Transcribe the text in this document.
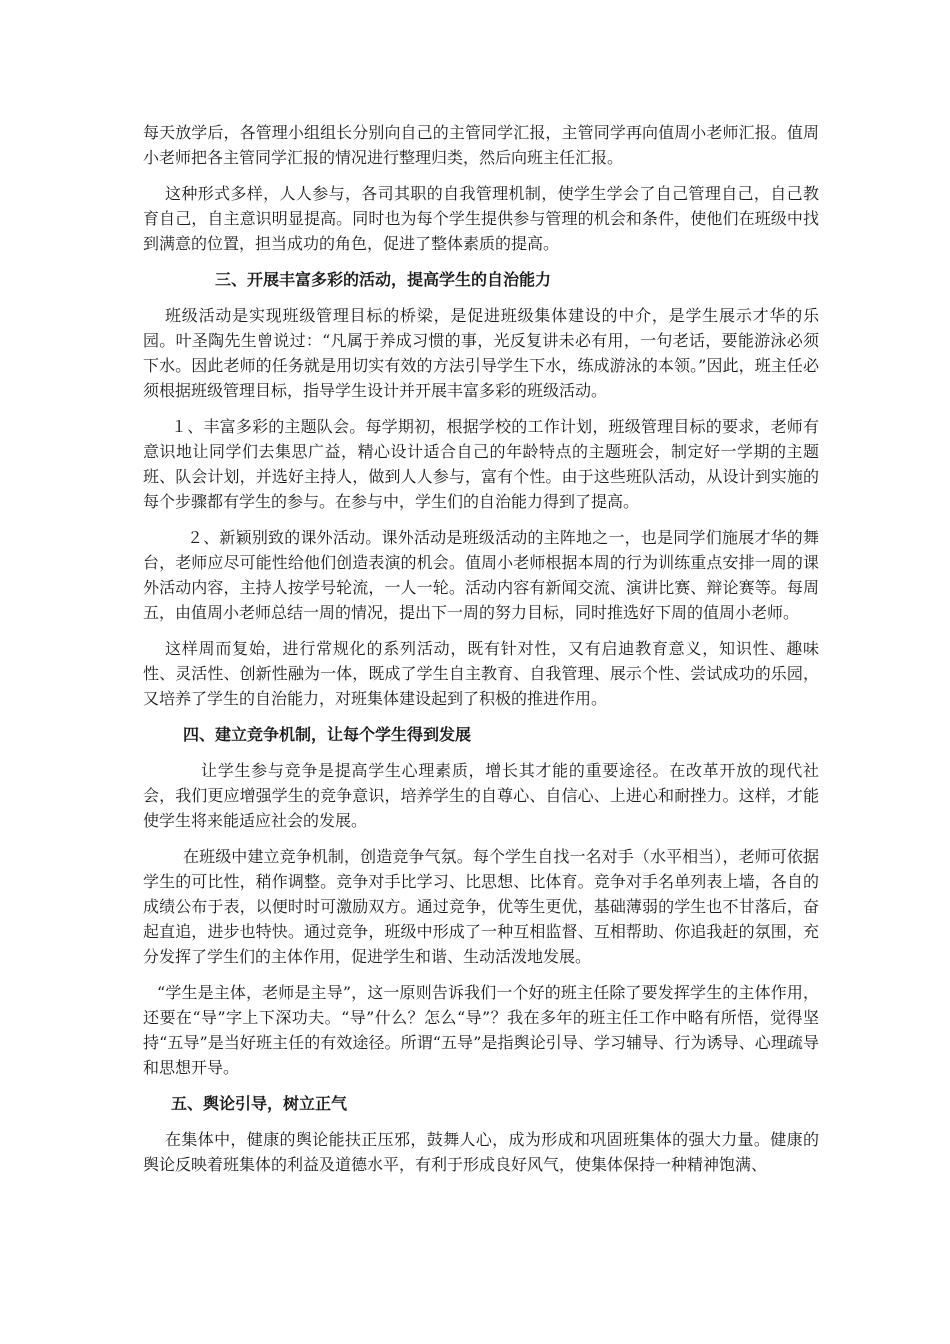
每天放学后，各管理小组组长分别向自己的主管同学汇报，主管同学再向值周小老师汇报。值周小老师把各主管同学汇报的情况进行整理归类，然后向班主任汇报。

这种形式多样，人人参与，各司其职的自我管理机制，使学生学会了自己管理自己，自己教育自己，自主意识明显提高。同时也为每个学生提供参与管理的机会和条件，使他们在班级中找到满意的位置，担当成功的角色，促进了整体素质的提高。

三、开展丰富多彩的活动，提高学生的自治能力

班级活动是实现班级管理目标的桥梁，是促进班级集体建设的中介，是学生展示才华的乐园。叶圣陶先生曾说过：“凡属于养成习惯的事，光反复讲未必有用，一句老话，要能游泳必须下水。因此老师的任务就是用切实有效的方法引导学生下水，练成游泳的本领。”因此，班主任必须根据班级管理目标，指导学生设计并开展丰富多彩的班级活动。

１、丰富多彩的主题队会。每学期初，根据学校的工作计划，班级管理目标的要求，老师有意识地让同学们去集思广益，精心设计适合自己的年龄特点的主题班会，制定好一学期的主题班、队会计划，并选好主持人，做到人人参与，富有个性。由于这些班队活动，从设计到实施的每个步骤都有学生的参与。在参与中，学生们的自治能力得到了提高。

２、新颖别致的课外活动。课外活动是班级活动的主阵地之一，也是同学们施展才华的舞台，老师应尽可能性给他们创造表演的机会。值周小老师根据本周的行为训练重点安排一周的课外活动内容，主持人按学号轮流，一人一轮。活动内容有新闻交流、演讲比赛、辩论赛等。每周五，由值周小老师总结一周的情况，提出下一周的努力目标，同时推选好下周的值周小老师。

这样周而复始，进行常规化的系列活动，既有针对性，又有启迪教育意义，知识性、趣味性、灵活性、创新性融为一体，既成了学生自主教育、自我管理、展示个性、尝试成功的乐园，又培养了学生的自治能力，对班集体建设起到了积极的推进作用。

四、建立竞争机制，让每个学生得到发展

让学生参与竞争是提高学生心理素质，增长其才能的重要途径。在改革开放的现代社会，我们更应增强学生的竞争意识，培养学生的自尊心、自信心、上进心和耐挫力。这样，才能使学生将来能适应社会的发展。

在班级中建立竞争机制，创造竞争气氛。每个学生自找一名对手（水平相当），老师可依据学生的可比性，稍作调整。竞争对手比学习、比思想、比体育。竞争对手名单列表上墙，各自的成绩公布于表，以便时时可激励双方。通过竞争，优等生更优，基础薄弱的学生也不甘落后，奋起直追，进步也特快。通过竞争，班级中形成了一种互相监督、互相帮助、你追我赶的氛围，充分发挥了学生们的主体作用，促进学生和谐、生动活泼地发展。

“学生是主体，老师是主导”，这一原则告诉我们一个好的班主任除了要发挥学生的主体作用，还要在“导”字上下深功夫。“导”什么？怎么“导”？我在多年的班主任工作中略有所悟，觉得坚持“五导”是当好班主任的有效途径。所谓“五导”是指舆论引导、学习辅导、行为诱导、心理疏导和思想开导。

五、舆论引导，树立正气

在集体中，健康的舆论能扶正压邪，鼓舞人心，成为形成和巩固班集体的强大力量。健康的舆论反映着班集体的利益及道德水平，有利于形成良好风气，使集体保持一种精神饱满、
